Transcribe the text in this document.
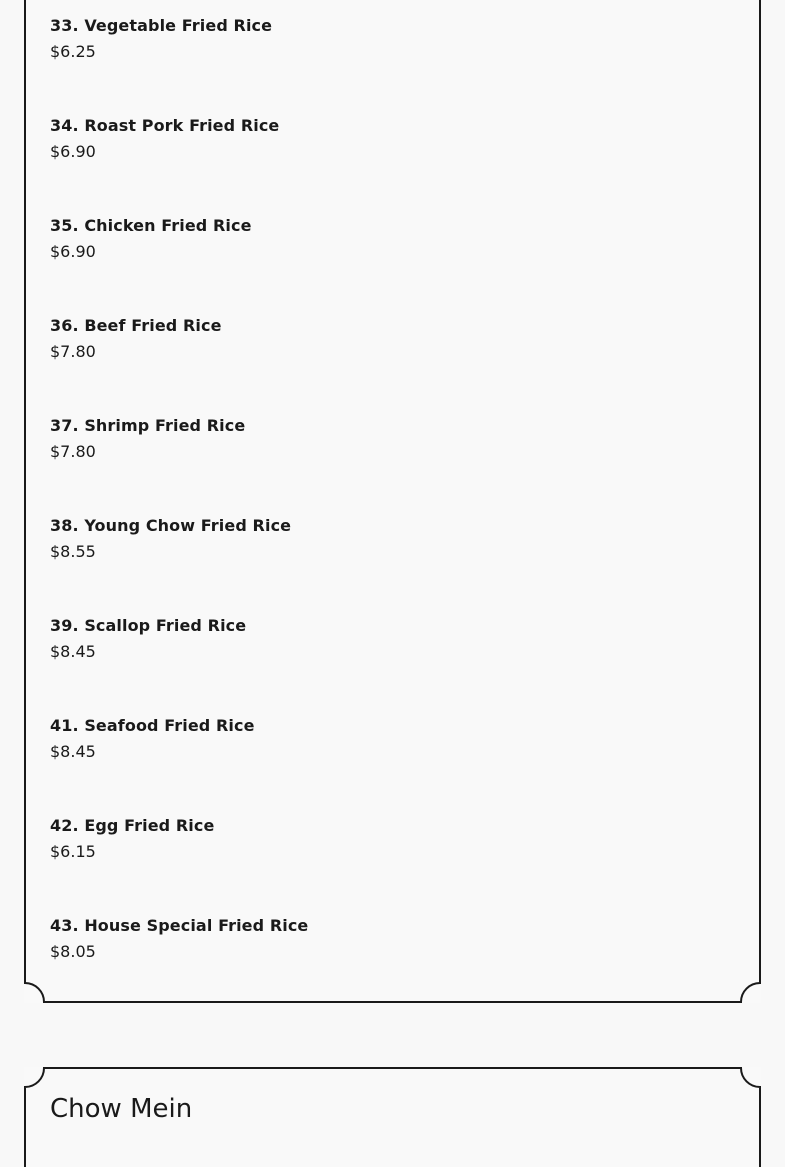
33. Vegetable Fried Rice
$6.25
34. Roast Pork Fried Rice
$6.90
35. Chicken Fried Rice
$6.90
36. Beef Fried Rice
$7.80
37. Shrimp Fried Rice
$7.80
38. Young Chow Fried Rice
$8.55
39. Scallop Fried Rice
$8.45
41. Seafood Fried Rice
$8.45
42. Egg Fried Rice
$6.15
43. House Special Fried Rice
$8.05
Chow Mein
